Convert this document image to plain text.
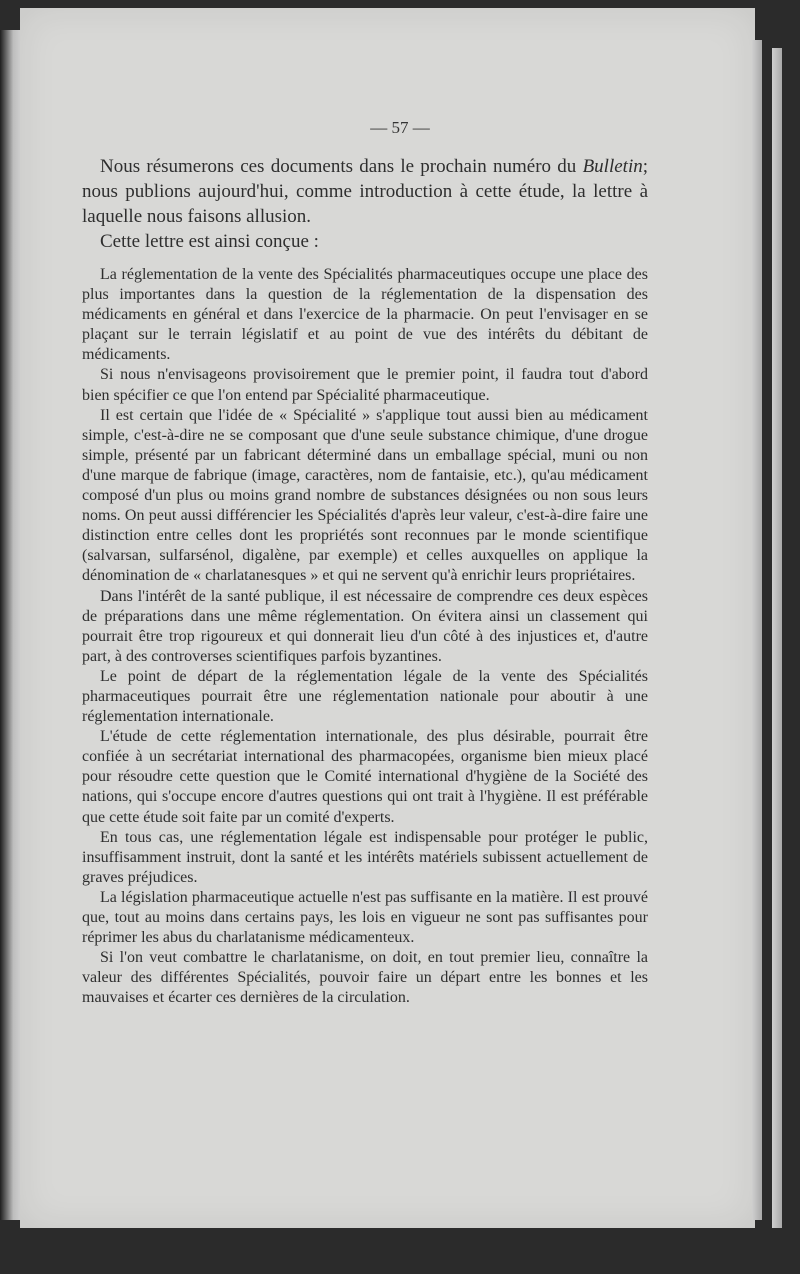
— 57 —

Nous résumerons ces documents dans le prochain numéro du Bulletin; nous publions aujourd'hui, comme introduction à cette étude, la lettre à laquelle nous faisons allusion.

Cette lettre est ainsi conçue :

La réglementation de la vente des Spécialités pharmaceutiques occupe une place des plus importantes dans la question de la réglementation de la dispensation des médicaments en général et dans l'exercice de la pharmacie. On peut l'envisager en se plaçant sur le terrain législatif et au point de vue des intérêts du débitant de médicaments.

Si nous n'envisageons provisoirement que le premier point, il faudra tout d'abord bien spécifier ce que l'on entend par Spécialité pharmaceutique.

Il est certain que l'idée de « Spécialité » s'applique tout aussi bien au médicament simple, c'est-à-dire ne se composant que d'une seule substance chimique, d'une drogue simple, présenté par un fabricant déterminé dans un emballage spécial, muni ou non d'une marque de fabrique (image, caractères, nom de fantaisie, etc.), qu'au médicament composé d'un plus ou moins grand nombre de substances désignées ou non sous leurs noms. On peut aussi différencier les Spécialités d'après leur valeur, c'est-à-dire faire une distinction entre celles dont les propriétés sont reconnues par le monde scientifique (salvarsan, sulfarsénol, digalène, par exemple) et celles auxquelles on applique la dénomination de « charlatanesques » et qui ne servent qu'à enrichir leurs propriétaires.

Dans l'intérêt de la santé publique, il est nécessaire de comprendre ces deux espèces de préparations dans une même réglementation. On évitera ainsi un classement qui pourrait être trop rigoureux et qui donnerait lieu d'un côté à des injustices et, d'autre part, à des controverses scientifiques parfois byzantines.

Le point de départ de la réglementation légale de la vente des Spécialités pharmaceutiques pourrait être une réglementation nationale pour aboutir à une réglementation internationale.

L'étude de cette réglementation internationale, des plus désirable, pourrait être confiée à un secrétariat international des pharmacopées, organisme bien mieux placé pour résoudre cette question que le Comité international d'hygiène de la Société des nations, qui s'occupe encore d'autres questions qui ont trait à l'hygiène. Il est préférable que cette étude soit faite par un comité d'experts.

En tous cas, une réglementation légale est indispensable pour protéger le public, insuffisamment instruit, dont la santé et les intérêts matériels subissent actuellement de graves préjudices.

La législation pharmaceutique actuelle n'est pas suffisante en la matière. Il est prouvé que, tout au moins dans certains pays, les lois en vigueur ne sont pas suffisantes pour réprimer les abus du charlatanisme médicamenteux.

Si l'on veut combattre le charlatanisme, on doit, en tout premier lieu, connaître la valeur des différentes Spécialités, pouvoir faire un départ entre les bonnes et les mauvaises et écarter ces dernières de la circulation.
